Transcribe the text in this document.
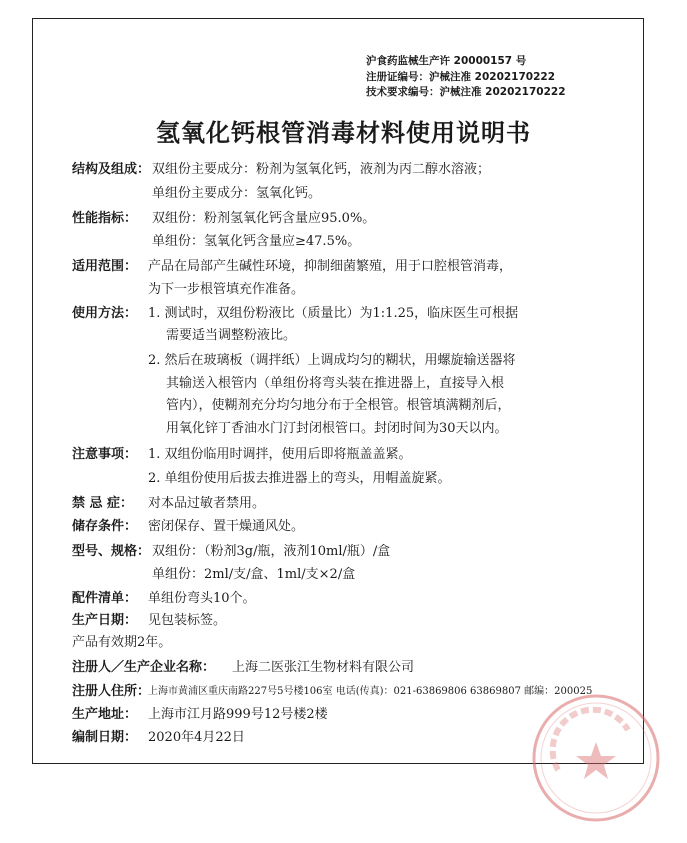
沪食药监械生产许 20000157 号
注册证编号：沪械注准 20202170222
技术要求编号：沪械注准 20202170222
氢氧化钙根管消毒材料使用说明书
结构及组成： 双组份主要成分：粉剂为氢氧化钙，液剂为丙二醇水溶液；
单组份主要成分：氢氧化钙。
性能指标： 双组份：粉剂氢氧化钙含量应95.0%。
单组份：氢氧化钙含量应≥47.5%。
适用范围： 产品在局部产生碱性环境，抑制细菌繁殖，用于口腔根管消毒，
为下一步根管填充作准备。
使用方法： 1. 测试时，双组份粉液比（质量比）为1:1.25，临床医生可根据
需要适当调整粉液比。
2. 然后在玻璃板（调拌纸）上调成均匀的糊状，用螺旋输送器将
其输送入根管内（单组份将弯头装在推进器上，直接导入根
管内），使糊剂充分均匀地分布于全根管。根管填满糊剂后，
用氧化锌丁香油水门汀封闭根管口。封闭时间为30天以内。
注意事项： 1. 双组份临用时调拌，使用后即将瓶盖盖紧。
2. 单组份使用后拔去推进器上的弯头，用帽盖旋紧。
禁 忌 症： 对本品过敏者禁用。
储存条件： 密闭保存、置干燥通风处。
型号、规格： 双组份：（粉剂3g/瓶，液剂10ml/瓶）/盒
单组份：2ml/支/盒、1ml/支×2/盒
配件清单： 单组份弯头10个。
生产日期： 见包装标签。
产品有效期2年。
注册人／生产企业名称： 上海二医张江生物材料有限公司
注册人住所：
上海市黄浦区重庆南路227号5号楼106室 电话(传真)：021-63869806 63869807 邮编：200025
生产地址： 上海市江月路999号12号楼2楼
编制日期： 2020年4月22日
